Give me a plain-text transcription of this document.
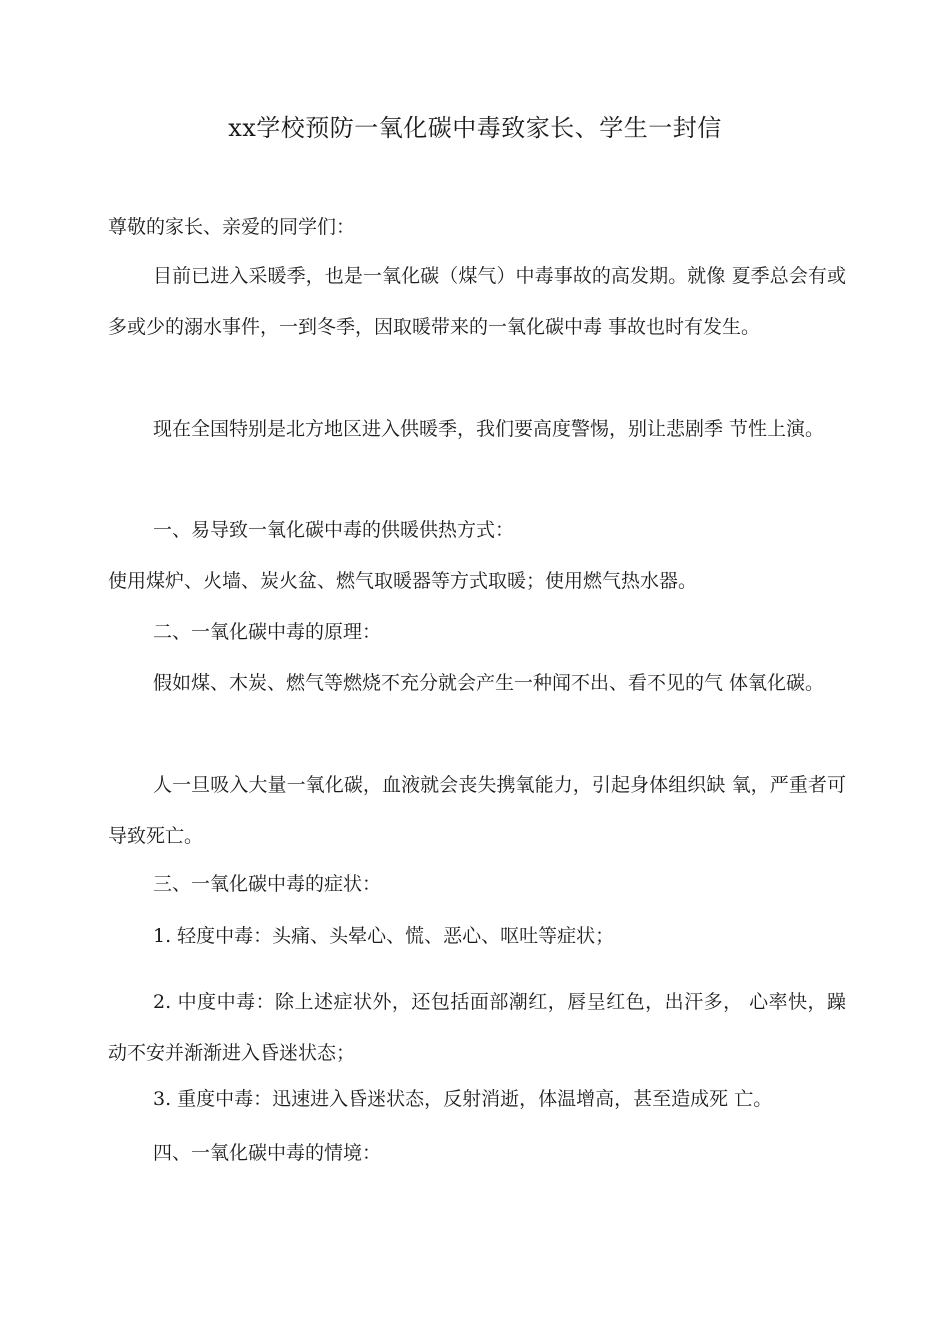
xx学校预防一氧化碳中毒致家长、学生一封信

尊敬的家长、亲爱的同学们：

目前已进入采暖季，也是一氧化碳（煤气）中毒事故的高发期。就像 夏季总会有或多或少的溺水事件，一到冬季，因取暖带来的一氧化碳中毒 事故也时有发生。

现在全国特别是北方地区进入供暖季，我们要高度警惕，别让悲剧季 节性上演。

一、易导致一氧化碳中毒的供暖供热方式：

使用煤炉、火墙、炭火盆、燃气取暖器等方式取暖；使用燃气热水器。

二、一氧化碳中毒的原理：

假如煤、木炭、燃气等燃烧不充分就会产生一种闻不出、看不见的气 体氧化碳。

人一旦吸入大量一氧化碳，血液就会丧失携氧能力，引起身体组织缺 氧，严重者可导致死亡。

三、一氧化碳中毒的症状：

1. 轻度中毒：头痛、头晕心、慌、恶心、呕吐等症状；

2. 中度中毒：除上述症状外，还包括面部潮红，唇呈红色，出汗多， 心率快，躁动不安并渐渐进入昏迷状态；

3. 重度中毒：迅速进入昏迷状态，反射消逝，体温增高，甚至造成死 亡。

四、一氧化碳中毒的情境：
